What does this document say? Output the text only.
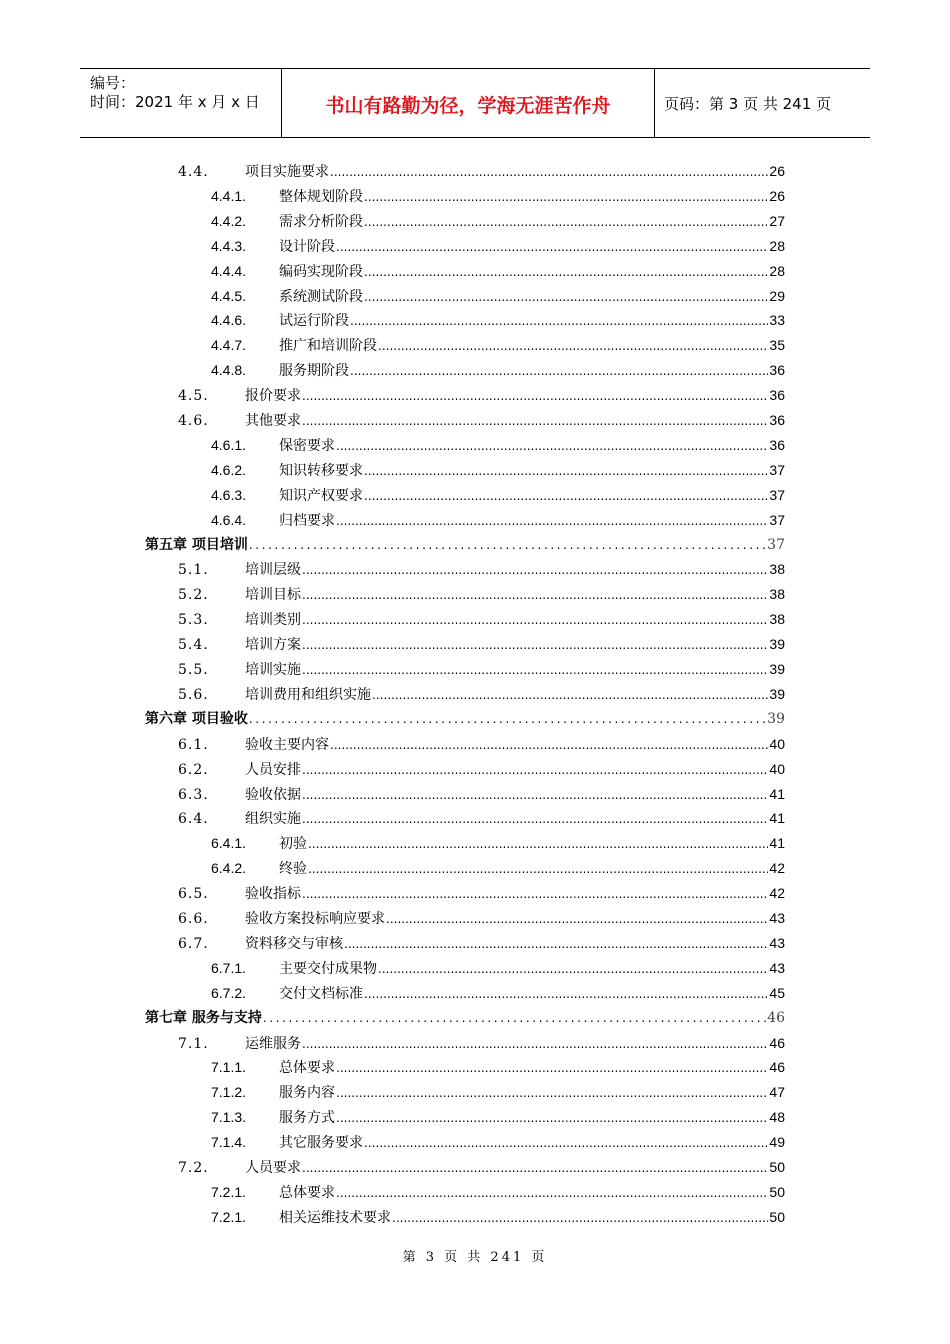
编号：
时间：2021 年 x 月 x 日	书山有路勤为径，学海无涯苦作舟	页码：第 3 页 共 241 页
4.4.	项目实施要求 .....	26
4.4.1.	整体规划阶段 .....	26
4.4.2.	需求分析阶段 .....	27
4.4.3.	设计阶段 .....	28
4.4.4.	编码实现阶段 .....	28
4.4.5.	系统测试阶段 .....	29
4.4.6.	试运行阶段 .....	33
4.4.7.	推广和培训阶段 .....	35
4.4.8.	服务期阶段 .....	36
4.5.	报价要求 .....	36
4.6.	其他要求 .....	36
4.6.1.	保密要求 .....	36
4.6.2.	知识转移要求 .....	37
4.6.3.	知识产权要求 .....	37
4.6.4.	归档要求 .....	37
第五章 项目培训 .....	37
5.1.	培训层级 .....	38
5.2.	培训目标 .....	38
5.3.	培训类别 .....	38
5.4.	培训方案 .....	39
5.5.	培训实施 .....	39
5.6.	培训费用和组织实施 .....	39
第六章 项目验收 .....	39
6.1.	验收主要内容 .....	40
6.2.	人员安排 .....	40
6.3.	验收依据 .....	41
6.4.	组织实施 .....	41
6.4.1.	初验 .....	41
6.4.2.	终验 .....	42
6.5.	验收指标 .....	42
6.6.	验收方案投标响应要求 .....	43
6.7.	资料移交与审核 .....	43
6.7.1.	主要交付成果物 .....	43
6.7.2.	交付文档标准 .....	45
第七章 服务与支持 .....	46
7.1.	运维服务 .....	46
7.1.1.	总体要求 .....	46
7.1.2.	服务内容 .....	47
7.1.3.	服务方式 .....	48
7.1.4.	其它服务要求 .....	49
7.2.	人员要求 .....	50
7.2.1.	总体要求 .....	50
7.2.1.	相关运维技术要求 .....	50
第 3 页 共 241 页
